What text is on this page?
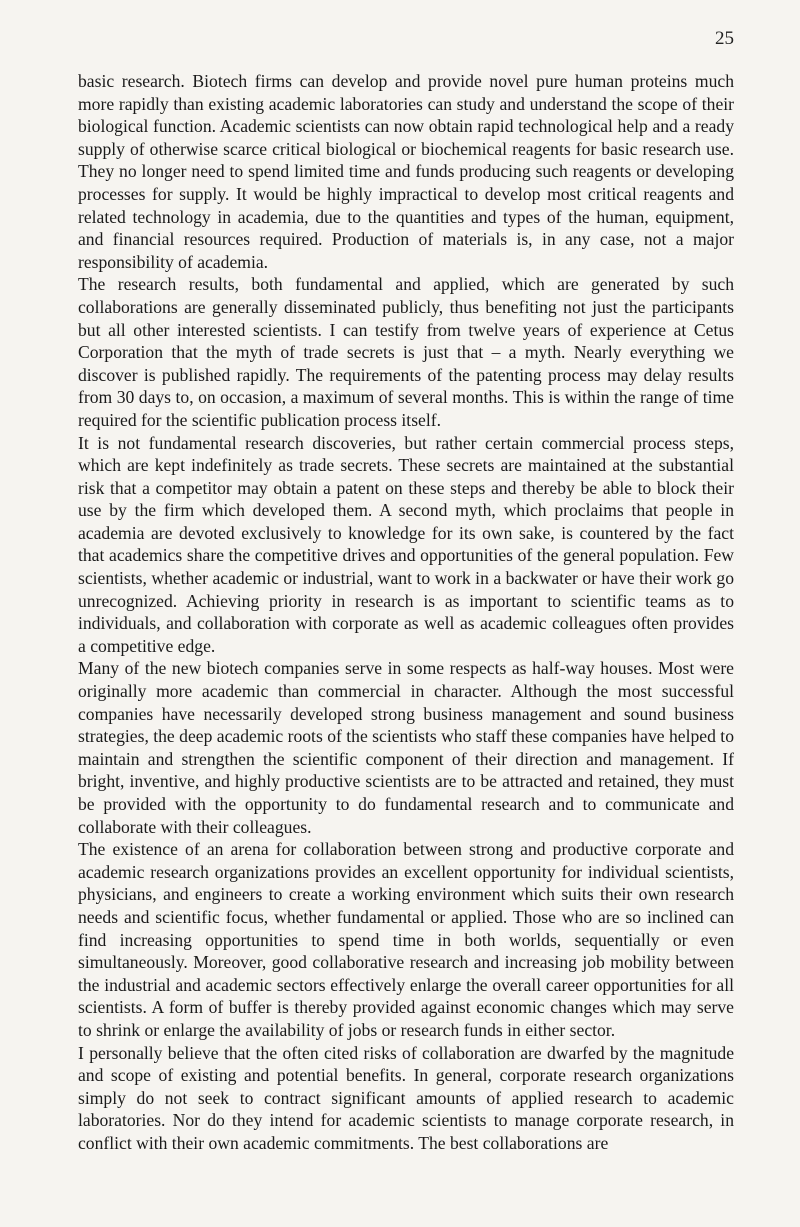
25

basic research. Biotech firms can develop and provide novel pure human proteins much more rapidly than existing academic laboratories can study and understand the scope of their biological function. Academic scientists can now obtain rapid technological help and a ready supply of otherwise scarce critical biological or biochemical reagents for basic research use. They no longer need to spend limited time and funds producing such reagents or developing processes for supply. It would be highly impractical to develop most critical reagents and related technology in academia, due to the quantities and types of the human, equipment, and financial resources required. Production of materials is, in any case, not a major responsibility of academia.

The research results, both fundamental and applied, which are generated by such collaborations are generally disseminated publicly, thus benefiting not just the participants but all other interested scientists. I can testify from twelve years of experience at Cetus Corporation that the myth of trade secrets is just that – a myth. Nearly everything we discover is published rapidly. The requirements of the patenting process may delay results from 30 days to, on occasion, a maximum of several months. This is within the range of time required for the scientific publication process itself.

It is not fundamental research discoveries, but rather certain commercial process steps, which are kept indefinitely as trade secrets. These secrets are maintained at the substantial risk that a competitor may obtain a patent on these steps and thereby be able to block their use by the firm which developed them. A second myth, which proclaims that people in academia are devoted exclusively to knowledge for its own sake, is countered by the fact that academics share the competitive drives and opportunities of the general population. Few scientists, whether academic or industrial, want to work in a backwater or have their work go unrecognized. Achieving priority in research is as important to scientific teams as to individuals, and collaboration with corporate as well as academic colleagues often provides a competitive edge.

Many of the new biotech companies serve in some respects as half-way houses. Most were originally more academic than commercial in character. Although the most successful companies have necessarily developed strong business management and sound business strategies, the deep academic roots of the scientists who staff these companies have helped to maintain and strengthen the scientific component of their direction and management. If bright, inventive, and highly productive scientists are to be attracted and retained, they must be provided with the opportunity to do fundamental research and to communicate and collaborate with their colleagues.

The existence of an arena for collaboration between strong and productive corporate and academic research organizations provides an excellent opportunity for individual scientists, physicians, and engineers to create a working environment which suits their own research needs and scientific focus, whether fundamental or applied. Those who are so inclined can find increasing opportunities to spend time in both worlds, sequentially or even simultaneously. Moreover, good collaborative research and increasing job mobility between the industrial and academic sectors effectively enlarge the overall career opportunities for all scientists. A form of buffer is thereby provided against economic changes which may serve to shrink or enlarge the availability of jobs or research funds in either sector.

I personally believe that the often cited risks of collaboration are dwarfed by the magnitude and scope of existing and potential benefits. In general, corporate research organizations simply do not seek to contract significant amounts of applied research to academic laboratories. Nor do they intend for academic scientists to manage corporate research, in conflict with their own academic commitments. The best collaborations are
